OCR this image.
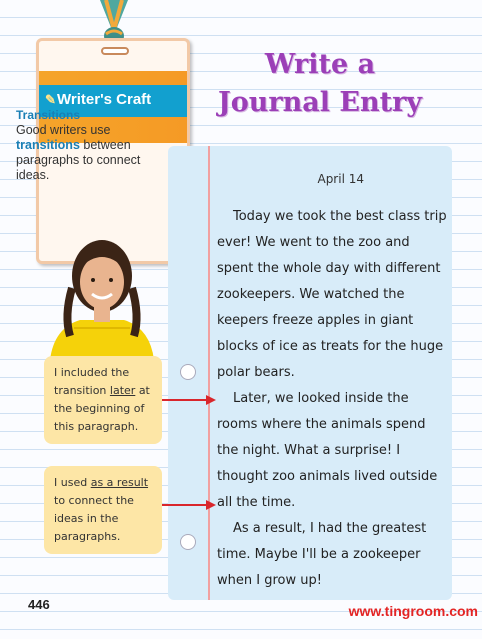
✎ Writer's Craft
Transitions
Good writers use transitions between paragraphs to connect ideas.
Write a
Journal Entry
April 14

Today we took the best class trip ever! We went to the zoo and spent the whole day with different zookeepers. We watched the keepers freeze apples in giant blocks of ice as treats for the huge polar bears.

Later, we looked inside the rooms where the animals spend the night. What a surprise! I thought zoo animals lived outside all the time.

As a result, I had the greatest time. Maybe I'll be a zookeeper when I grow up!

I included the transition later at the beginning of this paragraph.
I used as a result to connect the ideas in the paragraphs.
446	www.tingroom.com
